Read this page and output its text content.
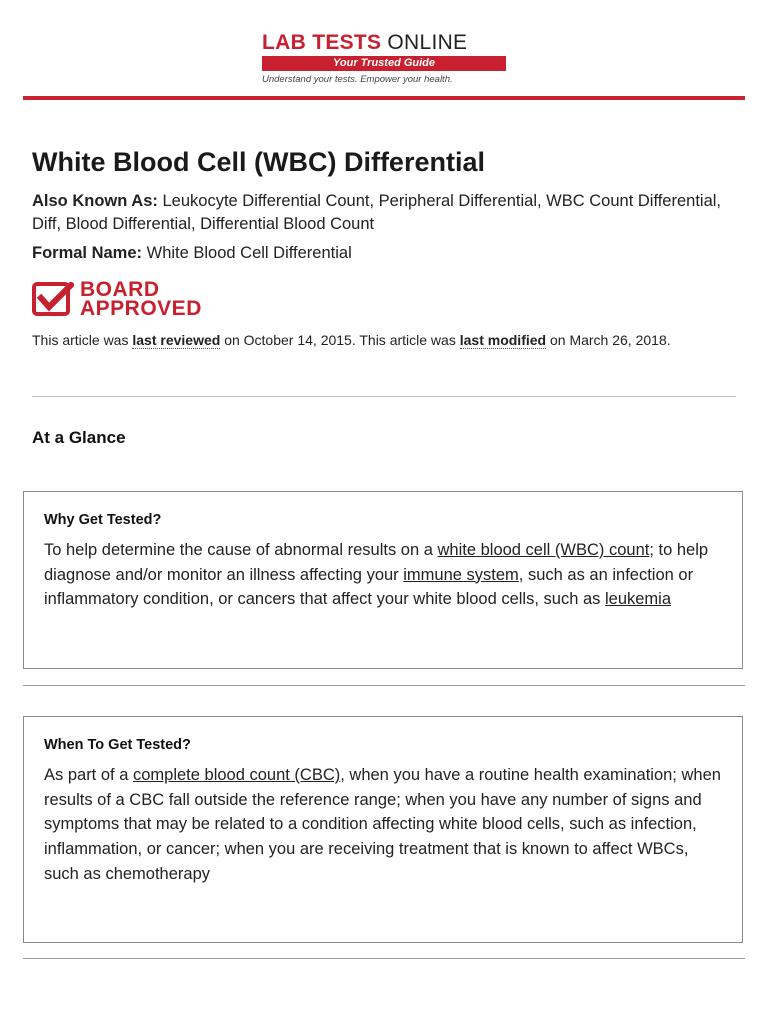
LAB TESTS ONLINE
Your Trusted Guide
Understand your tests. Empower your health.
White Blood Cell (WBC) Differential
Also Known As: Leukocyte Differential Count, Peripheral Differential, WBC Count Differential, Diff, Blood Differential, Differential Blood Count
Formal Name: White Blood Cell Differential
BOARD
APPROVED
This article was last reviewed on October 14, 2015. This article was last modified on March 26, 2018.
At a Glance
Why Get Tested?

To help determine the cause of abnormal results on a white blood cell (WBC) count; to help diagnose and/or monitor an illness affecting your immune system, such as an infection or inflammatory condition, or cancers that affect your white blood cells, such as leukemia

When To Get Tested?

As part of a complete blood count (CBC), when you have a routine health examination; when results of a CBC fall outside the reference range; when you have any number of signs and symptoms that may be related to a condition affecting white blood cells, such as infection, inflammation, or cancer; when you are receiving treatment that is known to affect WBCs, such as chemotherapy
